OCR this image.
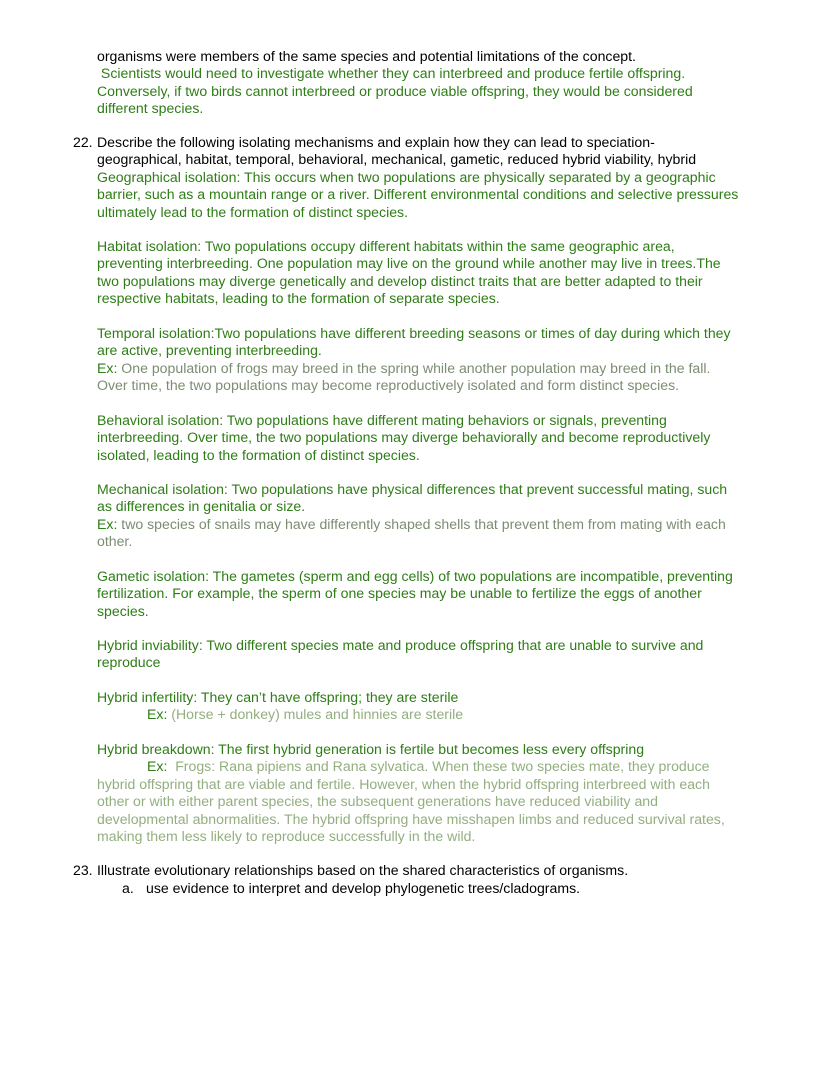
organisms were members of the same species and potential limitations of the concept.
Scientists would need to investigate whether they can interbreed and produce fertile offspring.
Conversely, if two birds cannot interbreed or produce viable offspring, they would be considered
different species.
22. Describe the following isolating mechanisms and explain how they can lead to speciation-
geographical, habitat, temporal, behavioral, mechanical, gametic, reduced hybrid viability, hybrid
Geographical isolation: This occurs when two populations are physically separated by a geographic
barrier, such as a mountain range or a river. Different environmental conditions and selective pressures
ultimately lead to the formation of distinct species.
Habitat isolation: Two populations occupy different habitats within the same geographic area,
preventing interbreeding. One population may live on the ground while another may live in trees.The
two populations may diverge genetically and develop distinct traits that are better adapted to their
respective habitats, leading to the formation of separate species.
Temporal isolation:Two populations have different breeding seasons or times of day during which they
are active, preventing interbreeding.
Ex: One population of frogs may breed in the spring while another population may breed in the fall.
Over time, the two populations may become reproductively isolated and form distinct species.
Behavioral isolation: Two populations have different mating behaviors or signals, preventing
interbreeding. Over time, the two populations may diverge behaviorally and become reproductively
isolated, leading to the formation of distinct species.
Mechanical isolation: Two populations have physical differences that prevent successful mating, such
as differences in genitalia or size.
Ex: two species of snails may have differently shaped shells that prevent them from mating with each
other.
Gametic isolation: The gametes (sperm and egg cells) of two populations are incompatible, preventing
fertilization. For example, the sperm of one species may be unable to fertilize the eggs of another
species.
Hybrid inviability: Two different species mate and produce offspring that are unable to survive and
reproduce
Hybrid infertility: They can’t have offspring; they are sterile
Ex: (Horse + donkey) mules and hinnies are sterile
Hybrid breakdown: The first hybrid generation is fertile but becomes less every offspring
Ex:  Frogs: Rana pipiens and Rana sylvatica. When these two species mate, they produce
hybrid offspring that are viable and fertile. However, when the hybrid offspring interbreed with each
other or with either parent species, the subsequent generations have reduced viability and
developmental abnormalities. The hybrid offspring have misshapen limbs and reduced survival rates,
making them less likely to reproduce successfully in the wild.
23. Illustrate evolutionary relationships based on the shared characteristics of organisms.
a. use evidence to interpret and develop phylogenetic trees/cladograms.
